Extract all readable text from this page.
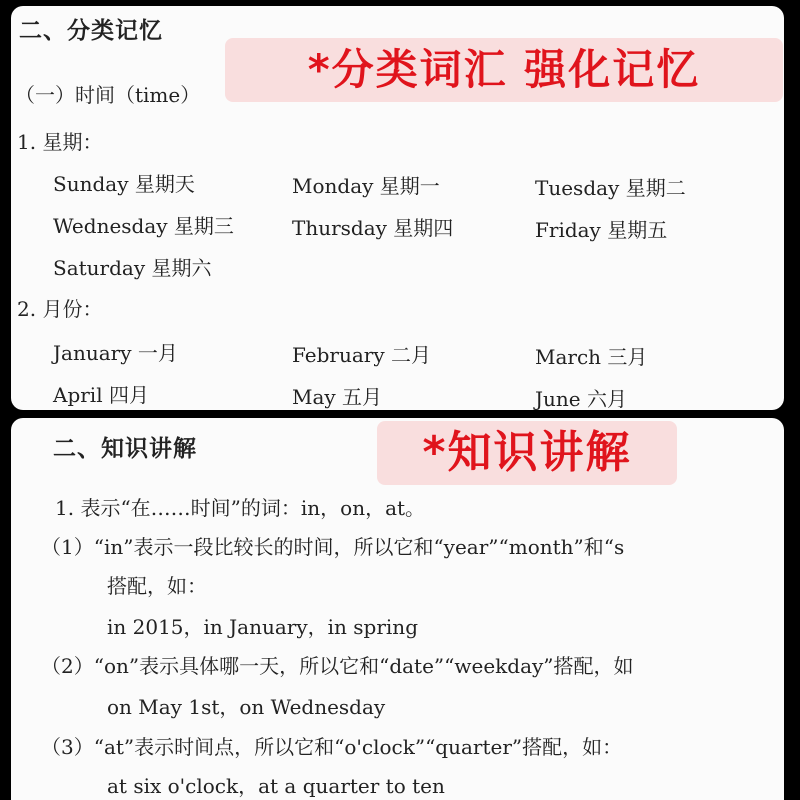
二、分类记忆
*分类词汇 强化记忆
（一）时间（time）
1. 星期：
Sunday 星期天	Monday 星期一	Tuesday 星期二
Wednesday 星期三	Thursday 星期四	Friday 星期五
Saturday 星期六
2. 月份：
January 一月	February 二月	March 三月
April 四月	May 五月	June 六月
二、知识讲解	*知识讲解
1. 表示“在……时间”的词：in，on，at。
（1）“in”表示一段比较长的时间，所以它和“year”“month”和“s
搭配，如：
in 2015，in January，in spring
（2）“on”表示具体哪一天，所以它和“date”“weekday”搭配，如
on May 1st，on Wednesday
（3）“at”表示时间点，所以它和“o'clock”“quarter”搭配，如：
at six o'clock，at a quarter to ten
